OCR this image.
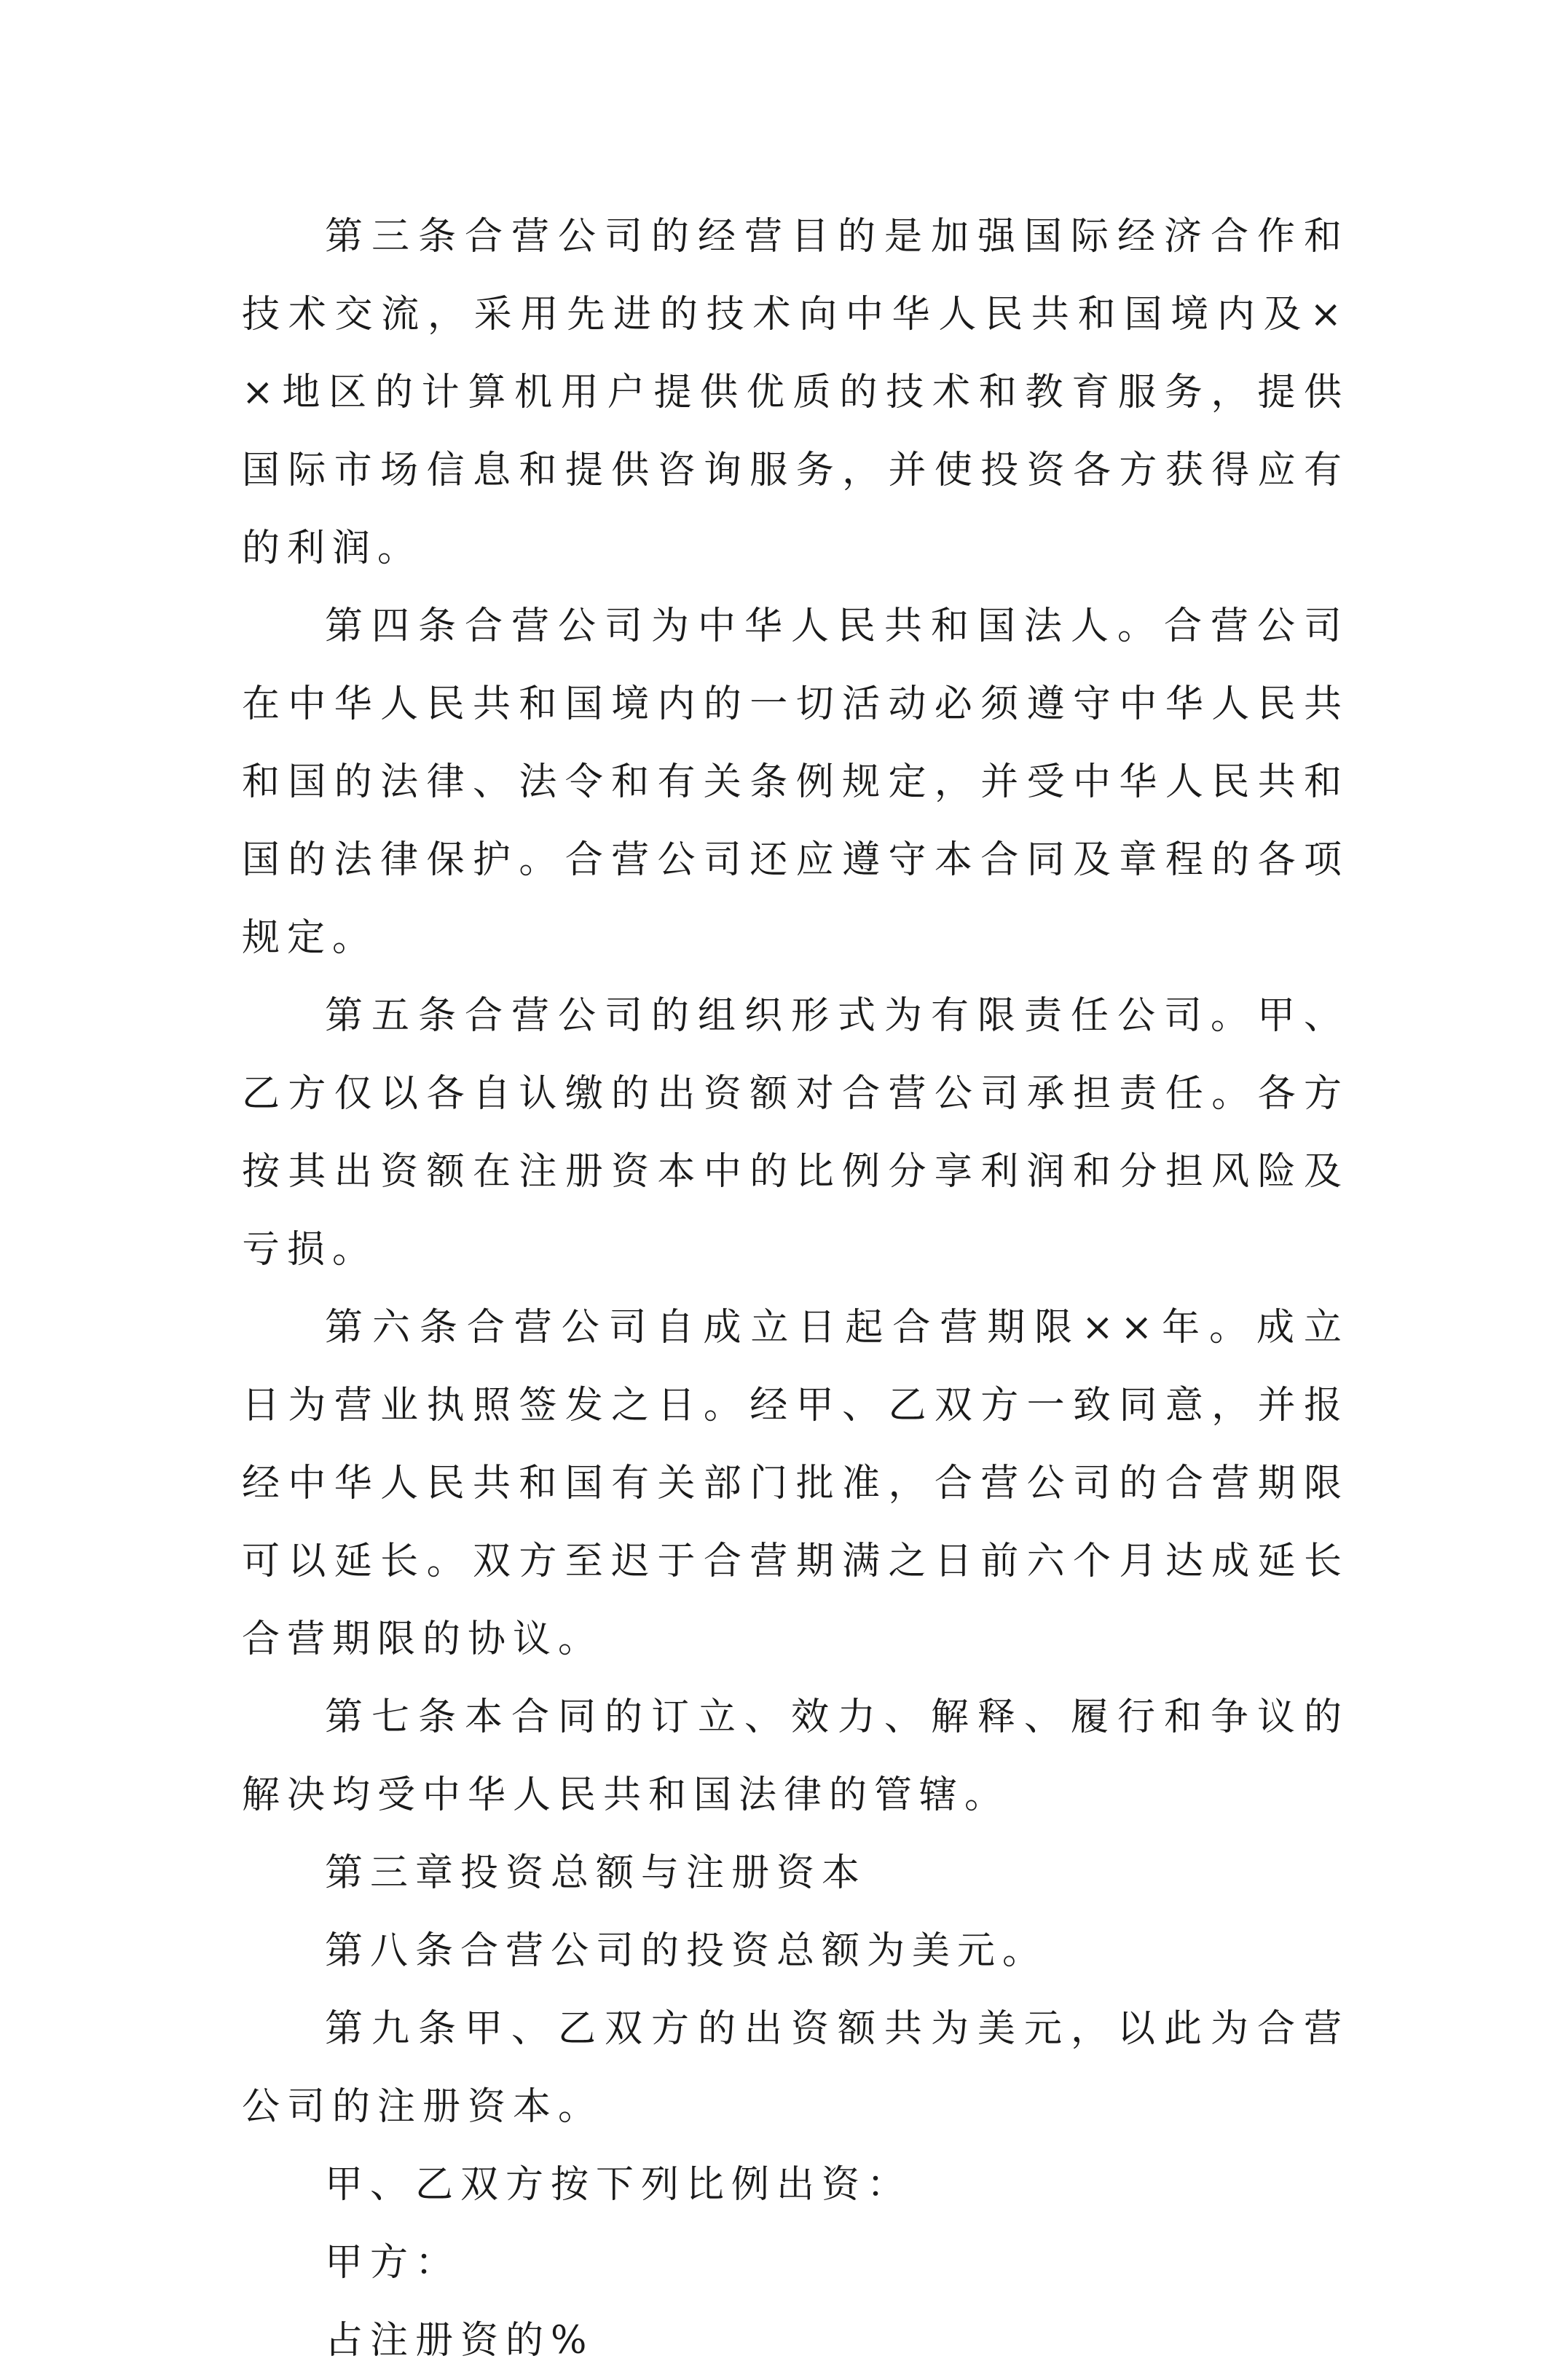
第三条合营公司的经营目的是加强国际经济合作和技术交流，采用先进的技术向中华人民共和国境内及××地区的计算机用户提供优质的技术和教育服务，提供国际市场信息和提供咨询服务，并使投资各方获得应有的利润。

第四条合营公司为中华人民共和国法人。合营公司在中华人民共和国境内的一切活动必须遵守中华人民共和国的法律、法令和有关条例规定，并受中华人民共和国的法律保护。合营公司还应遵守本合同及章程的各项规定。

第五条合营公司的组织形式为有限责任公司。甲、乙方仅以各自认缴的出资额对合营公司承担责任。各方按其出资额在注册资本中的比例分享利润和分担风险及亏损。

第六条合营公司自成立日起合营期限××年。成立日为营业执照签发之日。经甲、乙双方一致同意，并报经中华人民共和国有关部门批准，合营公司的合营期限可以延长。双方至迟于合营期满之日前六个月达成延长合营期限的协议。

第七条本合同的订立、效力、解释、履行和争议的解决均受中华人民共和国法律的管辖。

第三章投资总额与注册资本

第八条合营公司的投资总额为美元。

第九条甲、乙双方的出资额共为美元，以此为合营公司的注册资本。

甲、乙双方按下列比例出资：

甲方：

占注册资的%
